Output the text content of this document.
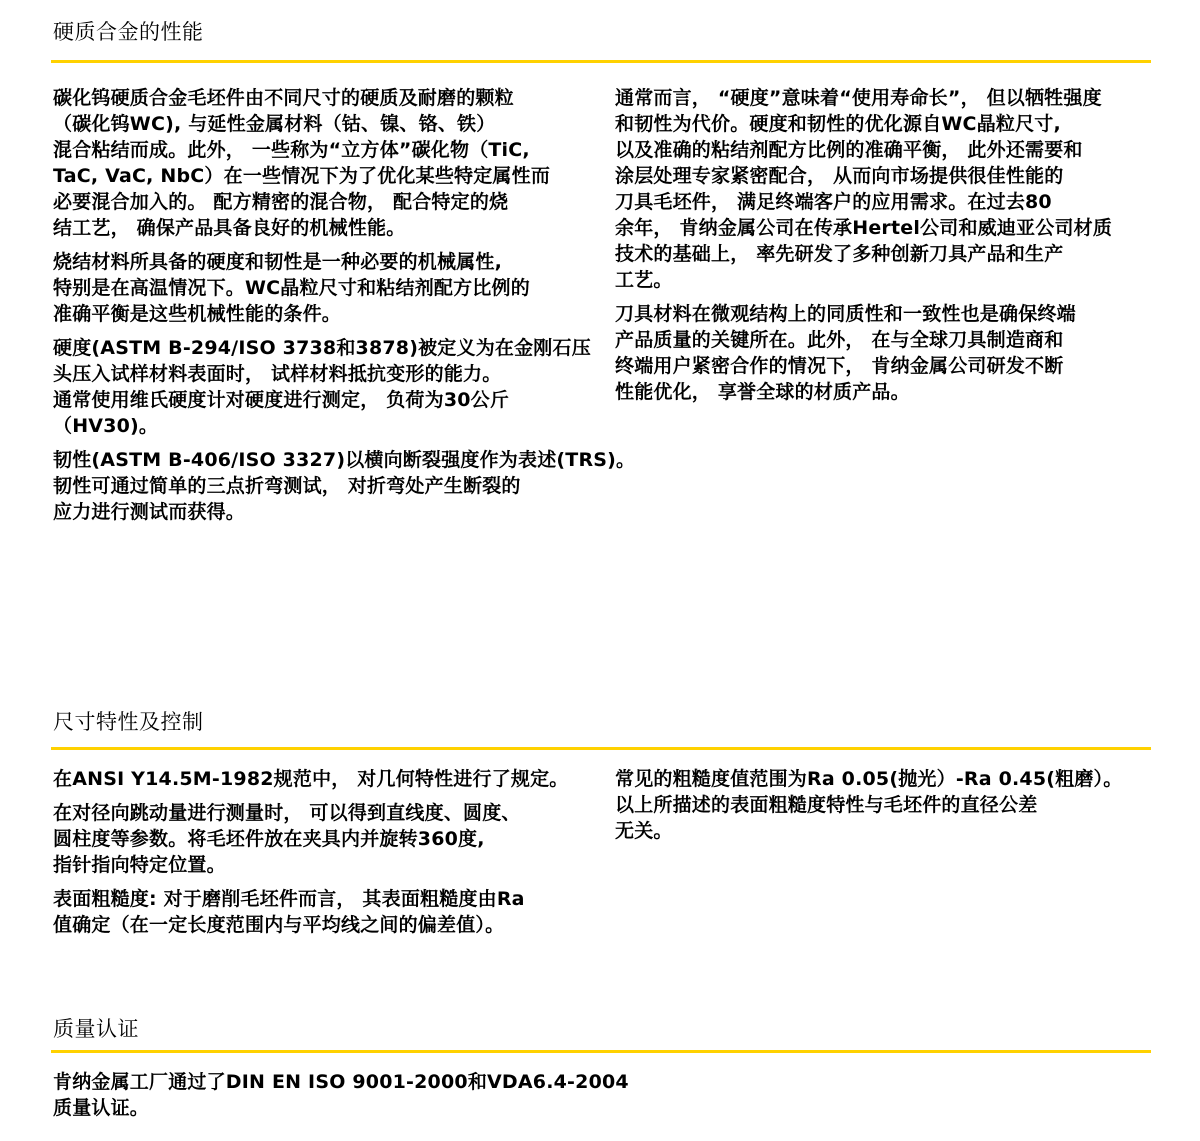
硬质合金的性能

碳化钨硬质合金毛坯件由不同尺寸的硬质及耐磨的颗粒
（碳化钨WC), 与延性金属材料（钴、镍、铬、铁）
混合粘结而成。此外， 一些称为“立方体”碳化物（TiC,
TaC, VaC, NbC）在一些情况下为了优化某些特定属性而
必要混合加入的。 配方精密的混合物， 配合特定的烧
结工艺， 确保产品具备良好的机械性能。

烧结材料所具备的硬度和韧性是一种必要的机械属性,
特别是在高温情况下。WC晶粒尺寸和粘结剂配方比例的
准确平衡是这些机械性能的条件。

硬度(ASTM B-294/ISO 3738和3878)被定义为在金刚石压
头压入试样材料表面时， 试样材料抵抗变形的能力。
通常使用维氏硬度计对硬度进行测定， 负荷为30公斤
（HV30)。

韧性(ASTM B-406/ISO 3327)以横向断裂强度作为表述(TRS)。
韧性可通过简单的三点折弯测试， 对折弯处产生断裂的
应力进行测试而获得。

通常而言， “硬度”意味着“使用寿命长”， 但以牺牲强度
和韧性为代价。硬度和韧性的优化源自WC晶粒尺寸,
以及准确的粘结剂配方比例的准确平衡， 此外还需要和
涂层处理专家紧密配合， 从而向市场提供很佳性能的
刀具毛坯件， 满足终端客户的应用需求。在过去80
余年， 肯纳金属公司在传承Hertel公司和威迪亚公司材质
技术的基础上， 率先研发了多种创新刀具产品和生产
工艺。

刀具材料在微观结构上的同质性和一致性也是确保终端
产品质量的关键所在。此外， 在与全球刀具制造商和
终端用户紧密合作的情况下， 肯纳金属公司研发不断
性能优化， 享誉全球的材质产品。

尺寸特性及控制

在ANSI Y14.5M-1982规范中， 对几何特性进行了规定。

在对径向跳动量进行测量时， 可以得到直线度、圆度、
圆柱度等参数。将毛坯件放在夹具内并旋转360度,
指针指向特定位置。

表面粗糙度: 对于磨削毛坯件而言， 其表面粗糙度由Ra
值确定（在一定长度范围内与平均线之间的偏差值）。

常见的粗糙度值范围为Ra 0.05(抛光）-Ra 0.45(粗磨）。
以上所描述的表面粗糙度特性与毛坯件的直径公差
无关。

质量认证

肯纳金属工厂通过了DIN EN ISO 9001-2000和VDA6.4-2004
质量认证。
